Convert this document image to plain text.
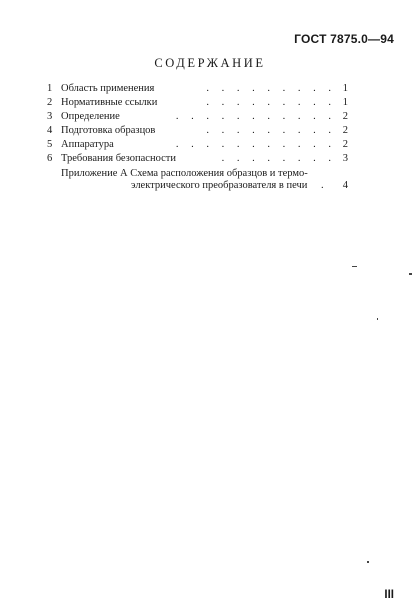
ГОСТ 7875.0—94
СОДЕРЖАНИЕ
1 Область применения	. . . . . . . . . 1
2 Нормативные ссылки	. . . . . . . . . 1
3 Определение	. . . . . . . . . . . 2
4 Подготовка образцов	. . . . . . . . . 2
5 Аппаратура	. . . . . . . . . . . 2
6 Требования безопасности	. . . . . . . . 3
Приложение А Схема расположения образцов и термо-
электрического преобразователя в печи . 4
III
